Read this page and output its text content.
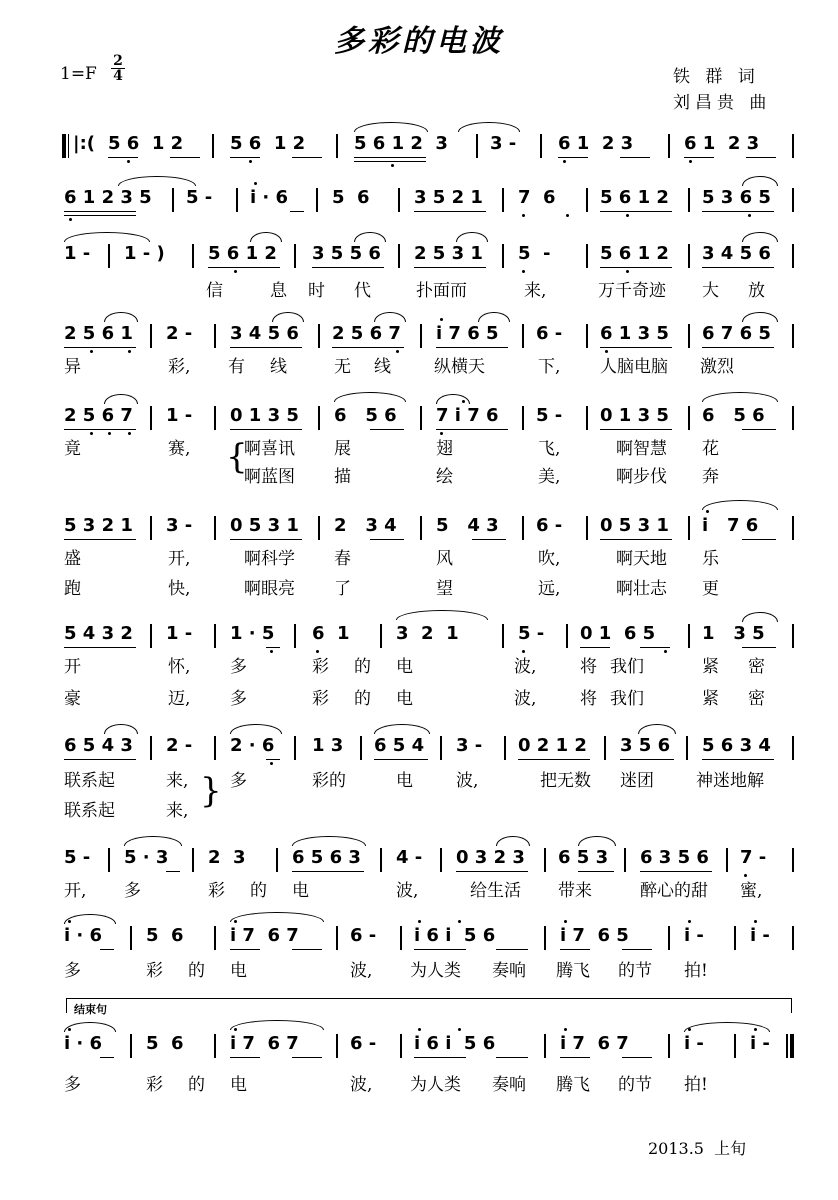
多彩的电波
$1=F \frac{2}{4}$	铁 群 词
刘昌贵 曲
|:( 5 6  1 2	5 6  1 2	5 6 1 2  3 3 - 6 1  2 3	6 1  2 3
6 1 2 3 5 5 - i · 6 5  6 3 5 2 1 7  6 5 6 1 2 5 3 6 5
1 - 1 - ) 5 6 1 2 3 5 5 6 2 5 3 1 5  -	5 6 1 2 3 4 5 6
信	息 时 代	扑面而	来,	万千奇迹 大 放
2 5 6 1 2 - 3 4 5 6 2 5 6 7 i 7 6 5 6 - 6 1 3 5 6 7 6 5
异	彩, 有 线	无 线	纵横天	下, 人脑电脑 激烈
2 5 6 7 1 - 0 1 3 5 6   5 6 7 i 7 6 5 - 0 1 3 5 6   5 6
竟	赛,	啊喜讯 展	翅	飞,	啊智慧 花
{
啊蓝图 描	绘	美,	啊步伐 奔
5 3 2 1 3 - 0 5 3 1 2   3 4 5   4 3 6 - 0 5 3 1 i   7 6
盛	开,	啊科学 春	风	吹,	啊天地 乐
跑	快,	啊眼亮 了	望	远,	啊壮志 更
5 4 3 2 1 - 1 · 5 6  1	3  2  1	5 - 0 1  6 5	1   3 5
开	怀, 多	彩 的 电	波,	将 我们	紧 密
豪	迈, 多	彩 的 电	波,	将 我们	紧 密
6 5 4 3 2 - 2 · 6 1 3 6 5 4 3 - 0 2 1 2 3 5 6 5 6 3 4
联系起	来, 多	彩的	电	波,	把无数 迷团 神迷地解
}
联系起	来,
5 - 5 · 3 2  3	6 5 6 3 4 - 0 3 2 3 6 5 3 6 3 5 6 7 -
开, 多	彩 的 电	波,	给生活 带来	醉心的甜 蜜,
i · 6 5  6	i 7  6 7	6 - i 6 i  5 6	i 7  6 5	i -	i -
多	彩 的 电	波, 为人类 奏响 腾飞 的节 拍!
结束句
i · 6 5  6	i 7  6 7	6 - i 6 i  5 6	i 7  6 7	i -	i -
多	彩 的 电	波, 为人类 奏响 腾飞 的节 拍!
2013.5  上旬
